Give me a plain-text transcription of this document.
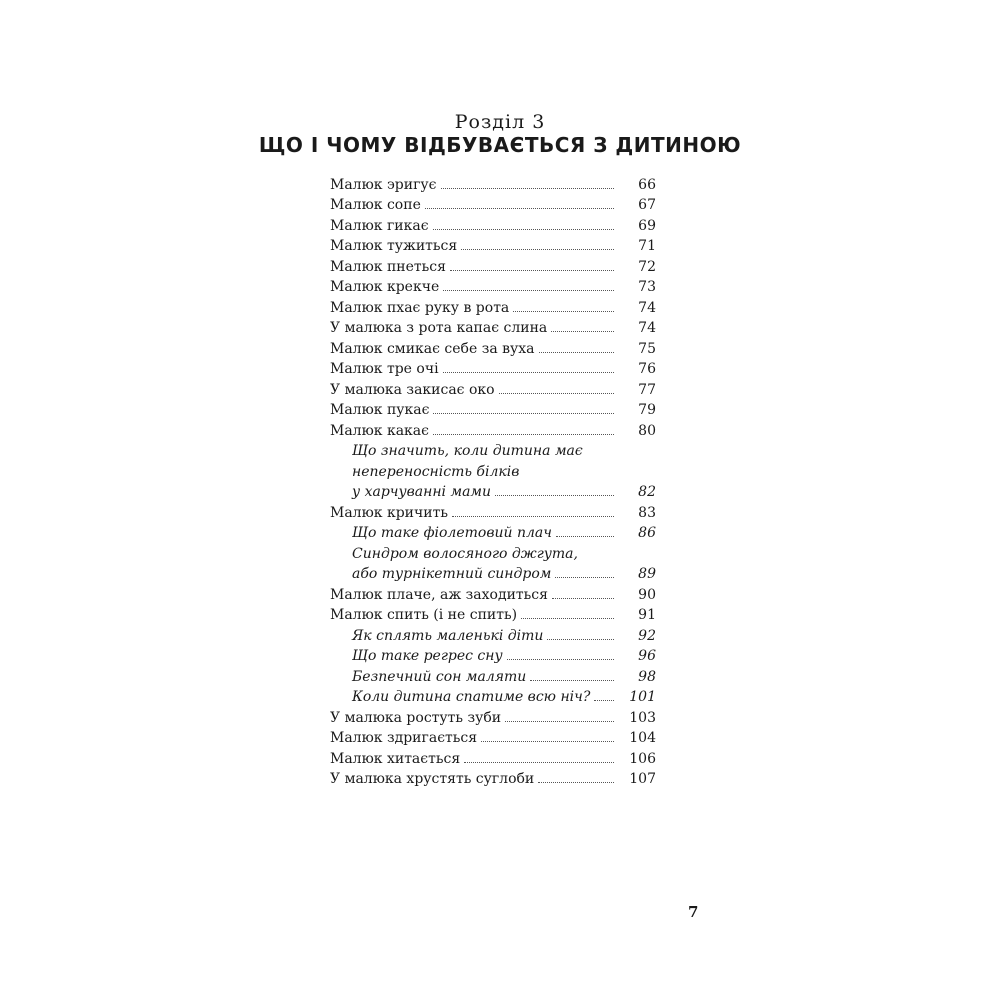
Розділ 3
ЩО І ЧОМУ ВІДБУВАЄТЬСЯ З ДИТИНОЮ
Малюк эригує	66
Малюк сопе	67
Малюк гикає	69
Малюк тужиться	71
Малюк пнеться	72
Малюк крекче	73
Малюк пхає руку в рота	74
У малюка з рота капає слина	74
Малюк смикає себе за вуха	75
Малюк тре очі	76
У малюка закисає око	77
Малюк пукає	79
Малюк какає	80
Що значить, коли дитина має
непереносність білків
у харчуванні мами	82
Малюк кричить	83
Що таке фіолетовий плач	86
Синдром волосяного джгута,
або турнікетний синдром	89
Малюк плаче, аж заходиться	90
Малюк спить (і не спить)	91
Як сплять маленькі діти	92
Що таке регрес сну	96
Безпечний сон маляти	98
Коли дитина спатиме всю ніч?	101
У малюка ростуть зуби	103
Малюк здригається	104
Малюк хитається	106
У малюка хрустять суглоби	107
7
